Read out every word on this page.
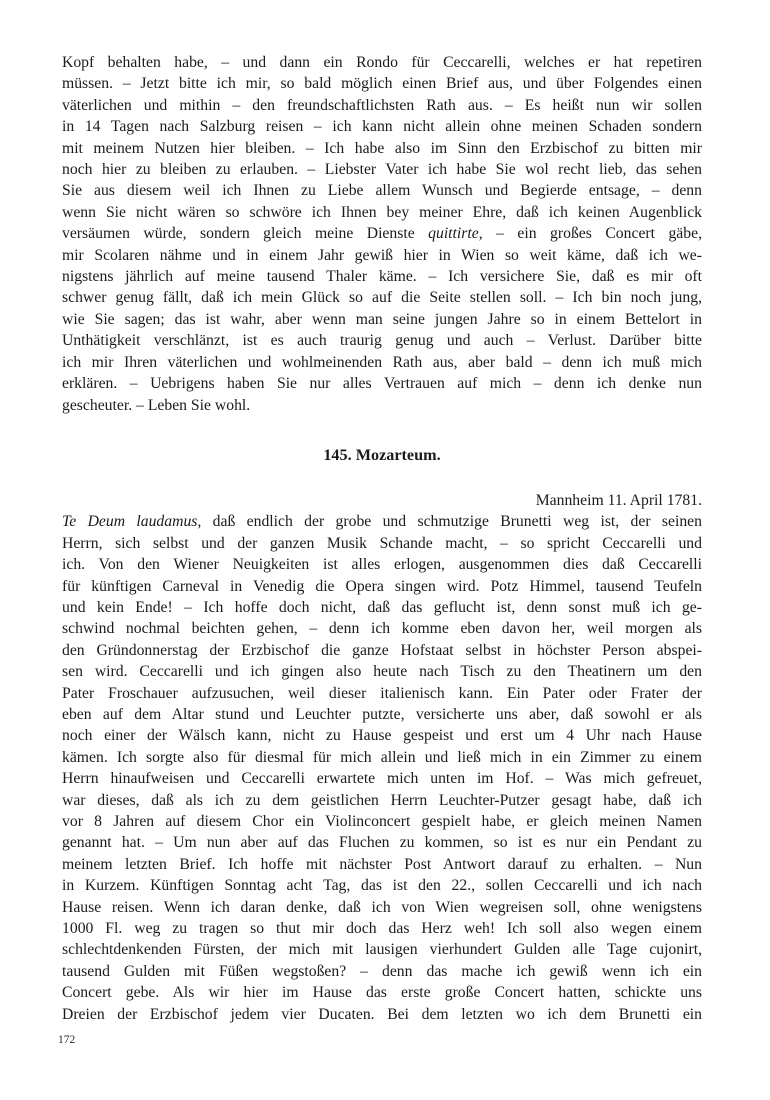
Kopf behalten habe, – und dann ein Rondo für Ceccarelli, welches er hat repetiren
müssen. – Jetzt bitte ich mir, so bald möglich einen Brief aus, und über Folgendes einen
väterlichen und mithin – den freundschaftlichsten Rath aus. – Es heißt nun wir sollen
in 14 Tagen nach Salzburg reisen – ich kann nicht allein ohne meinen Schaden sondern
mit meinem Nutzen hier bleiben. – Ich habe also im Sinn den Erzbischof zu bitten mir
noch hier zu bleiben zu erlauben. – Liebster Vater ich habe Sie wol recht lieb, das sehen
Sie aus diesem weil ich Ihnen zu Liebe allem Wunsch und Begierde entsage, – denn
wenn Sie nicht wären so schwöre ich Ihnen bey meiner Ehre, daß ich keinen Augenblick
versäumen würde, sondern gleich meine Dienste quittirte, – ein großes Concert gäbe,
mir Scolaren nähme und in einem Jahr gewiß hier in Wien so weit käme, daß ich we-
nigstens jährlich auf meine tausend Thaler käme. – Ich versichere Sie, daß es mir oft
schwer genug fällt, daß ich mein Glück so auf die Seite stellen soll. – Ich bin noch jung,
wie Sie sagen; das ist wahr, aber wenn man seine jungen Jahre so in einem Bettelort in
Unthätigkeit verschlänzt, ist es auch traurig genug und auch – Verlust. Darüber bitte
ich mir Ihren väterlichen und wohlmeinenden Rath aus, aber bald – denn ich muß mich
erklären. – Uebrigens haben Sie nur alles Vertrauen auf mich – denn ich denke nun
gescheuter. – Leben Sie wohl.
145. Mozarteum.
Mannheim 11. April 1781.
Te Deum laudamus, daß endlich der grobe und schmutzige Brunetti weg ist, der seinen
Herrn, sich selbst und der ganzen Musik Schande macht, – so spricht Ceccarelli und
ich. Von den Wiener Neuigkeiten ist alles erlogen, ausgenommen dies daß Ceccarelli
für künftigen Carneval in Venedig die Opera singen wird. Potz Himmel, tausend Teufeln
und kein Ende! – Ich hoffe doch nicht, daß das geflucht ist, denn sonst muß ich ge-
schwind nochmal beichten gehen, – denn ich komme eben davon her, weil morgen als
den Gründonnerstag der Erzbischof die ganze Hofstaat selbst in höchster Person abspei-
sen wird. Ceccarelli und ich gingen also heute nach Tisch zu den Theatinern um den
Pater Froschauer aufzusuchen, weil dieser italienisch kann. Ein Pater oder Frater der
eben auf dem Altar stund und Leuchter putzte, versicherte uns aber, daß sowohl er als
noch einer der Wälsch kann, nicht zu Hause gespeist und erst um 4 Uhr nach Hause
kämen. Ich sorgte also für diesmal für mich allein und ließ mich in ein Zimmer zu einem
Herrn hinaufweisen und Ceccarelli erwartete mich unten im Hof. – Was mich gefreuet,
war dieses, daß als ich zu dem geistlichen Herrn Leuchter-Putzer gesagt habe, daß ich
vor 8 Jahren auf diesem Chor ein Violinconcert gespielt habe, er gleich meinen Namen
genannt hat. – Um nun aber auf das Fluchen zu kommen, so ist es nur ein Pendant zu
meinem letzten Brief. Ich hoffe mit nächster Post Antwort darauf zu erhalten. – Nun
in Kurzem. Künftigen Sonntag acht Tag, das ist den 22., sollen Ceccarelli und ich nach
Hause reisen. Wenn ich daran denke, daß ich von Wien wegreisen soll, ohne wenigstens
1000 Fl. weg zu tragen so thut mir doch das Herz weh! Ich soll also wegen einem
schlechtdenkenden Fürsten, der mich mit lausigen vierhundert Gulden alle Tage cujonirt,
tausend Gulden mit Füßen wegstoßen? – denn das mache ich gewiß wenn ich ein
Concert gebe. Als wir hier im Hause das erste große Concert hatten, schickte uns
Dreien der Erzbischof jedem vier Ducaten. Bei dem letzten wo ich dem Brunetti ein
172
